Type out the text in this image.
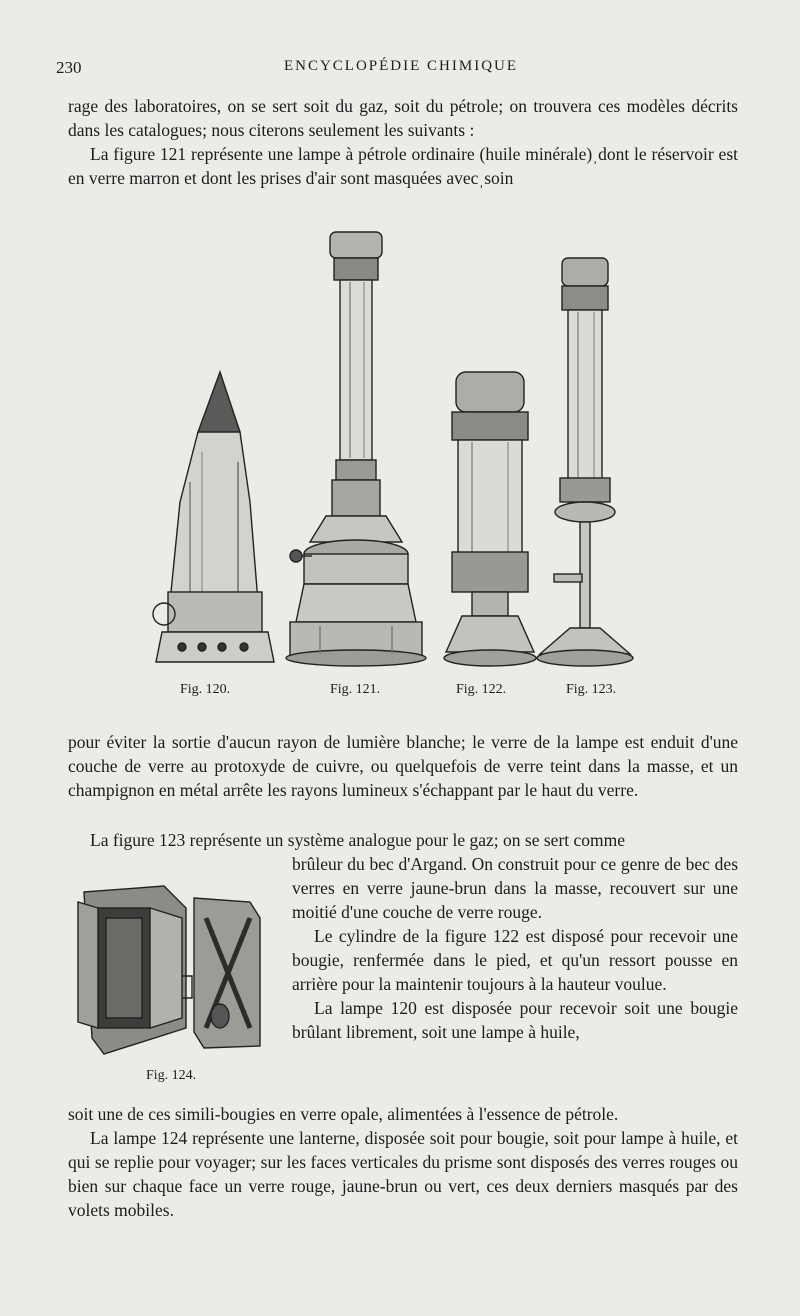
230	ENCYCLOPÉDIE CHIMIQUE

rage des laboratoires, on se sert soit du gaz, soit du pétrole; on trouvera ces modèles décrits dans les catalogues; nous citerons seulement les suivants :

La figure 121 représente une lampe à pétrole ordinaire (huile minérale)ˌdont le réservoir est en verre marron et dont les prises d'air sont masquées avecˌsoin

Fig. 120.	Fig. 121.	Fig. 122.	Fig. 123.
pour éviter la sortie d'aucun rayon de lumière blanche; le verre de la lampe est enduit d'une couche de verre au protoxyde de cuivre, ou quelquefois de verre teint dans la masse, et un champignon en métal arrête les rayons lumineux s'échappant par le haut du verre.
La figure 123 représente un système analogue pour le gaz; on se sert comme

brûleur du bec d'Argand. On construit pour ce genre de bec des verres en verre jaune-brun dans la masse, recouvert sur une moitié d'une couche de verre rouge.

Le cylindre de la figure 122 est disposé pour recevoir une bougie, renfermée dans le pied, et qu'un ressort pousse en arrière pour la maintenir toujours à la hauteur voulue.

La lampe 120 est disposée pour recevoir soit une bougie brûlant librement, soit une lampe à huile,

Fig. 124.

soit une de ces simili-bougies en verre opale, alimentées à l'essence de pétrole.

La lampe 124 représente une lanterne, disposée soit pour bougie, soit pour lampe à huile, et qui se replie pour voyager; sur les faces verticales du prisme sont disposés des verres rouges ou bien sur chaque face un verre rouge, jaune-brun ou vert, ces deux derniers masqués par des volets mobiles.
